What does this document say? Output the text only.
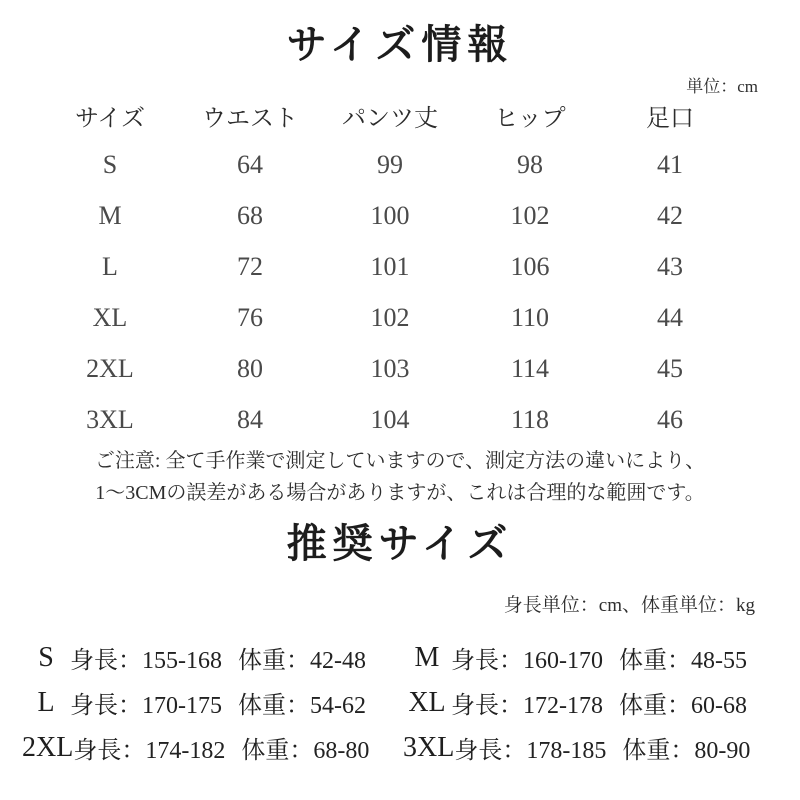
サイズ情報
単位：cm
サイズ	ウエスト	パンツ丈	ヒップ	足口
S	64	99	98	41
M	68	100	102	42
L	72	101	106	43
XL	76	102	110	44
2XL	80	103	114	45
3XL	84	104	118	46
ご注意: 全て手作業で測定していますので、測定方法の違いにより、
1〜3CMの誤差がある場合がありますが、これは合理的な範囲です。
推奨サイズ
身長単位：cm、体重単位：kg
S 身長：155-168 体重：42-48	M 身長：160-170 体重：48-55
L 身長：170-175 体重：54-62 XL 身長：172-178 体重：60-68
2XL 身長：174-182 体重：68-80 3XL 身長：178-185 体重：80-90
